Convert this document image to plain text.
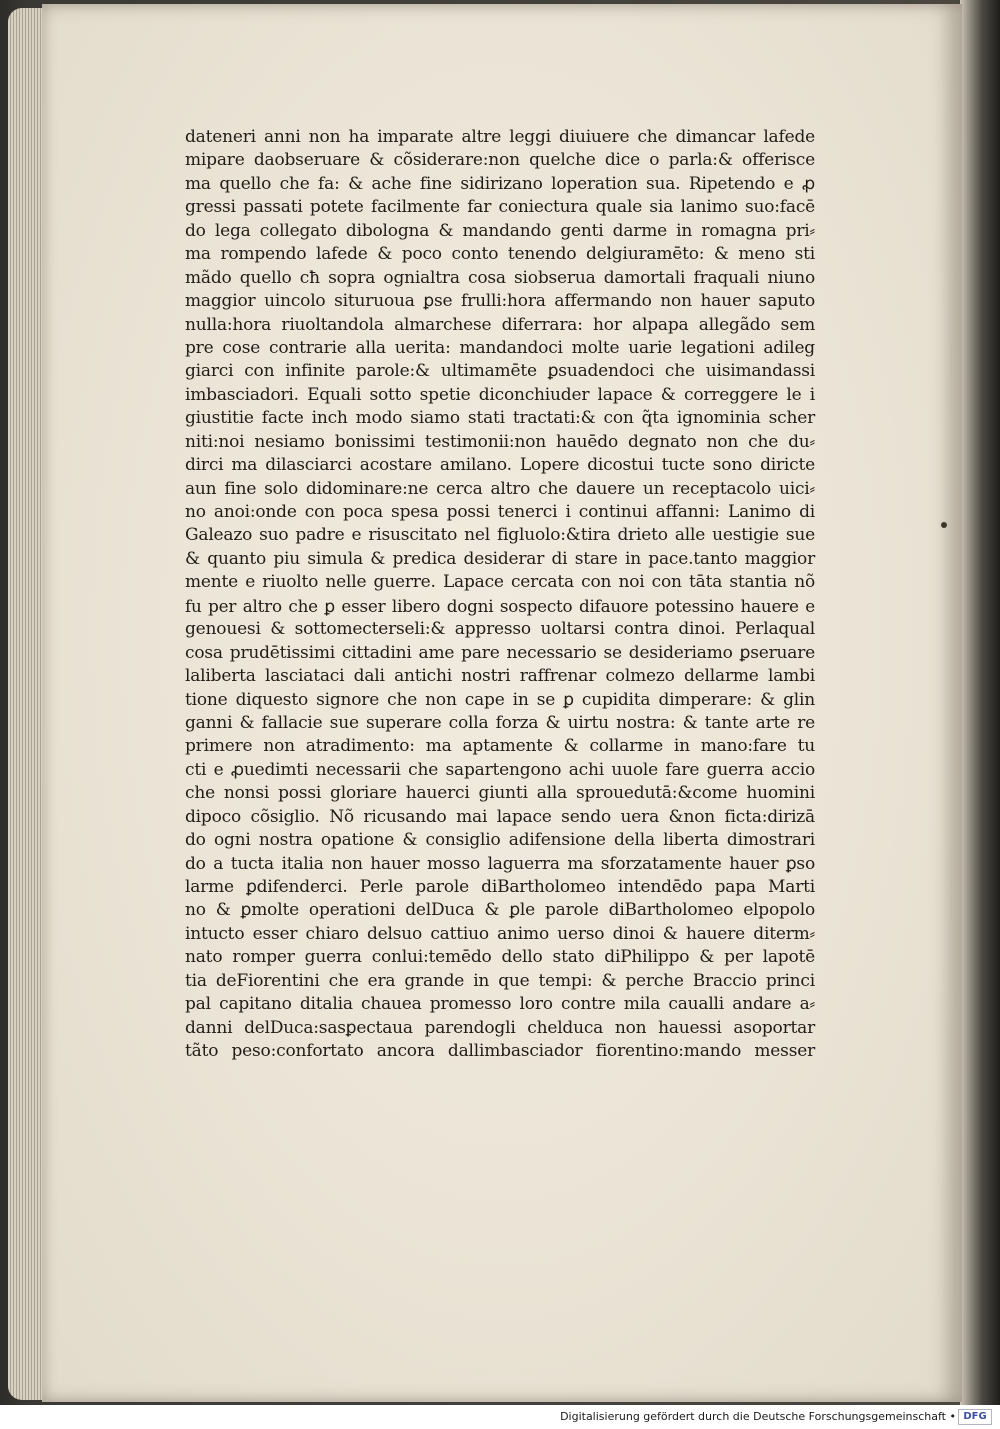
dateneri anni non ha imparate altre leggi diuiuere che dimancar lafede
mipare daobseruare & cõsiderare:non quelche dice o parla:& offerisce
ma quello che fa: & ache fine sidirizano loperation sua. Ripetendo e ꝓ
gressi passati potete facilmente far coniectura quale sia lanimo suo:facē
do lega collegato dibologna & mandando genti darme in romagna pri⸗
ma rompendo lafede & poco conto tenendo delgiuramēto: & meno sti
mãdo quello cħ sopra ognialtra cosa siobserua damortali fraquali niuno
maggior uincolo situruoua ꝑse frulli:hora affermando non hauer saputo
nulla:hora riuoltandola almarchese diferrara: hor alpapa allegãdo sem
pre cose contrarie alla uerita: mandandoci molte uarie legationi adileg
giarci con infinite parole:& ultimamēte ꝑsuadendoci che uisimandassi
imbasciadori. Equali sotto spetie diconchiuder lapace & correggere le i
giustitie facte inch modo siamo stati tractati:& con q̃ta ignominia scher
niti:noi nesiamo bonissimi testimonii:non hauēdo degnato non che du⸗
dirci ma dilasciarci acostare amilano. Lopere dicostui tucte sono diricte
aun fine solo didominare:ne cerca altro che dauere un receptacolo uici⸗
no anoi:onde con poca spesa possi tenerci i continui affanni: Lanimo di
Galeazo suo padre e risuscitato nel figluolo:&tira drieto alle uestigie sue
& quanto piu simula & predica desiderar di stare in pace.tanto maggior
mente e riuolto nelle guerre. Lapace cercata con noi con tāta stantia nõ
fu per altro che ꝑ esser libero dogni sospecto difauore potessino hauere e
genouesi & sottomecterseli:& appresso uoltarsi contra dinoi. Perlaqual
cosa prudētissimi cittadini ame pare necessario se desideriamo ꝑseruare
laliberta lasciataci dali antichi nostri raffrenar colmezo dellarme lambi
tione diquesto signore che non cape in se ꝑ cupidita dimperare: & glin
ganni & fallacie sue superare colla forza & uirtu nostra: & tante arte re
primere non atradimento: ma aptamente & collarme in mano:fare tu
cti e ꝓuedimti necessarii che sapartengono achi uuole fare guerra accio
che nonsi possi gloriare hauerci giunti alla sprouedutā:&come huomini
dipoco cõsiglio. Nõ ricusando mai lapace sendo uera &non ficta:dirizā
do ogni nostra opatione & consiglio adifensione della liberta dimostrari
do a tucta italia non hauer mosso laguerra ma sforzatamente hauer ꝑso
larme ꝑdifenderci. Perle parole diBartholomeo intendēdo papa Marti
no & ꝑmolte operationi delDuca & ꝑle parole diBartholomeo elpopolo
intucto esser chiaro delsuo cattiuo animo uerso dinoi & hauere diterm⸗
nato romper guerra conlui:temēdo dello stato diPhilippo & per lapotē
tia deFiorentini che era grande in que tempi: & perche Braccio princi
pal capitano ditalia chauea promesso loro contre mila caualli andare a⸗
danni delDuca:sasꝑectaua parendogli chelduca non hauessi asoportar
tãto peso:confortato ancora dallimbasciador fiorentino:mando messer
Digitalisierung gefördert durch die Deutsche Forschungsgemeinschaft • DFG
